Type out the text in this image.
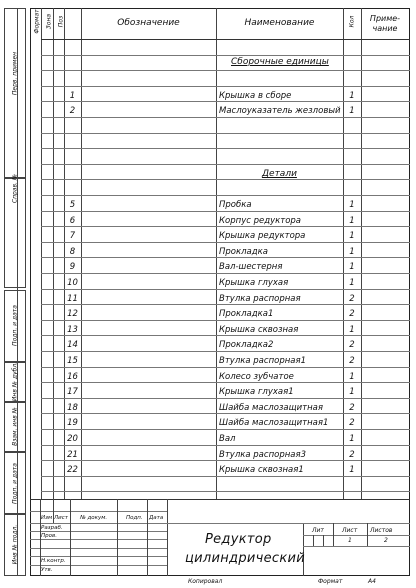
Перв. примен
Справ. №
Подп. и дата
Инв № дубл.
Взам. инв №
Подп. и дата
Инв № подл.
Формат Зона Поз	Обозначение	Наименование	Кол	Приме-
чание
Сборочные единицы
Детали
1	Крышка в сборе	1
2	Маслоуказатель жезловый	1
5	Пробка	1
6	Корпус редуктора	1
7	Крышка редуктора	1
8	Прокладка	1
9	Вал-шестерня	1
10	Крышка глухая	1
11	Втулка распорная	2
12	Прокладка1	2
13	Крышка сквозная	1
14	Прокладка2	2
15	Втулка распорная1	2
16	Колесо зубчатое	1
17	Крышка глухая1	1
18	Шайба маслозащитная	2
19	Шайба маслозащитная1	2
20	Вал	1
21	Втулка распорная3	2
22	Крышка сквозная1	1
Изм Лист № докум.	Подп. Дата
Разраб.
Пров.
Н.контр.
Утв.
Редуктор
цилиндрический
Лит	Лист Листов
1	2
Копировал	Формат	A4
